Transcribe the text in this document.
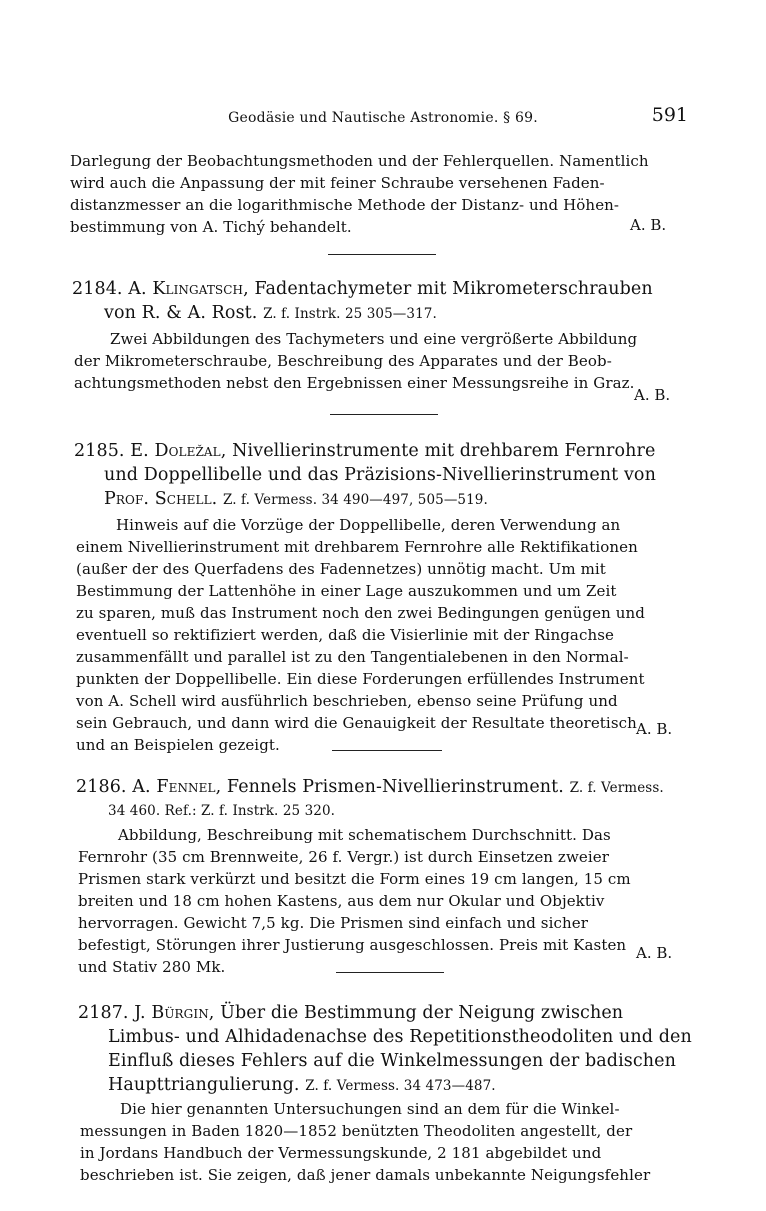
Geodäsie und Nautische Astronomie. § 69.	591
Darlegung der Beobachtungsmethoden und der Fehlerquellen. Namentlich
wird auch die Anpassung der mit feiner Schraube versehenen Faden-
distanzmesser an die logarithmische Methode der Distanz- und Höhen-
bestimmung von A. Tichý behandelt.	A. B.
2184. A. Klingatsch, Fadentachymeter mit Mikrometerschrauben
von R. & A. Rost. Z. f. Instrk. 25 305—317.
Zwei Abbildungen des Tachymeters und eine vergrößerte Abbildung
der Mikrometerschraube, Beschreibung des Apparates und der Beob-
achtungsmethoden nebst den Ergebnissen einer Messungsreihe in Graz.
A. B.
2185. E. Doležal, Nivellierinstrumente mit drehbarem Fernrohre
und Doppellibelle und das Präzisions-Nivellierinstrument von
Prof. Schell. Z. f. Vermess. 34 490—497, 505—519.
Hinweis auf die Vorzüge der Doppellibelle, deren Verwendung an
einem Nivellierinstrument mit drehbarem Fernrohre alle Rektifikationen
(außer der des Querfadens des Fadennetzes) unnötig macht. Um mit
Bestimmung der Lattenhöhe in einer Lage auszukommen und um Zeit
zu sparen, muß das Instrument noch den zwei Bedingungen genügen und
eventuell so rektifiziert werden, daß die Visierlinie mit der Ringachse
zusammenfällt und parallel ist zu den Tangentialebenen in den Normal-
punkten der Doppellibelle. Ein diese Forderungen erfüllendes Instrument
von A. Schell wird ausführlich beschrieben, ebenso seine Prüfung und
sein Gebrauch, und dann wird die Genauigkeit der Resultate theoretisch
und an Beispielen gezeigt.
A. B.
2186. A. Fennel, Fennels Prismen-Nivellierinstrument. Z. f. Vermess.
34 460. Ref.: Z. f. Instrk. 25 320.
Abbildung, Beschreibung mit schematischem Durchschnitt. Das
Fernrohr (35 cm Brennweite, 26 f. Vergr.) ist durch Einsetzen zweier
Prismen stark verkürzt und besitzt die Form eines 19 cm langen, 15 cm
breiten und 18 cm hohen Kastens, aus dem nur Okular und Objektiv
hervorragen. Gewicht 7,5 kg. Die Prismen sind einfach und sicher
befestigt, Störungen ihrer Justierung ausgeschlossen. Preis mit Kasten
und Stativ 280 Mk.
A. B.
2187. J. Bürgin, Über die Bestimmung der Neigung zwischen
Limbus- und Alhidadenachse des Repetitionstheodoliten und den
Einfluß dieses Fehlers auf die Winkelmessungen der badischen
Haupttriangulierung. Z. f. Vermess. 34 473—487.
Die hier genannten Untersuchungen sind an dem für die Winkel-
messungen in Baden 1820—1852 benützten Theodoliten angestellt, der
in Jordans Handbuch der Vermessungskunde, 2 181 abgebildet und
beschrieben ist. Sie zeigen, daß jener damals unbekannte Neigungsfehler
